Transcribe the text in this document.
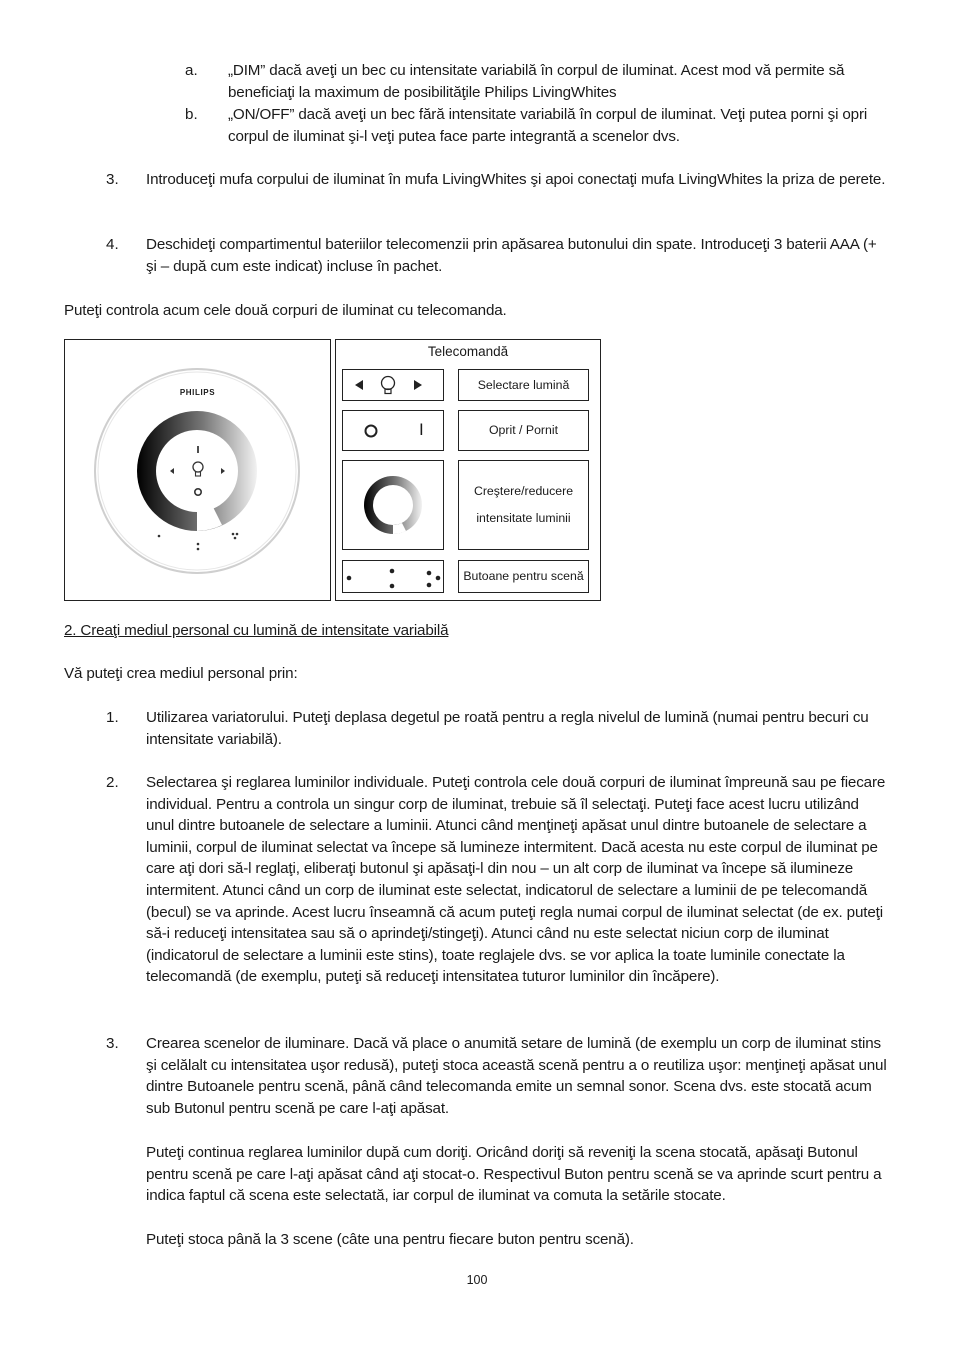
a. „DIM” dacă aveţi un bec cu intensitate variabilă în corpul de iluminat. Acest mod vă permite să beneficiaţi la maximum de posibilităţile Philips LivingWhites
b. „ON/OFF” dacă aveţi un bec fără intensitate variabilă în corpul de iluminat. Veţi putea porni şi opri corpul de iluminat şi-l veţi putea face parte integrantă a scenelor dvs.
3. Introduceţi mufa corpului de iluminat în mufa LivingWhites şi apoi conectaţi mufa LivingWhites la priza de perete.
4. Deschideţi compartimentul bateriilor telecomenzii prin apăsarea butonului din spate. Introduceţi 3 baterii AAA (+ şi – după cum este indicat) incluse în pachet.
Puteţi controla acum cele două corpuri de iluminat cu telecomanda.
PHILIPS
Telecomandă
Selectare lumină
I	Oprit / Pornit
Creştere/reducere
intensitate luminii
Butoane pentru scenă
2. Creaţi mediul personal cu lumină de intensitate variabilă
Vă puteţi crea mediul personal prin:
1. Utilizarea variatorului. Puteţi deplasa degetul pe roată pentru a regla nivelul de lumină (numai pentru becuri cu intensitate variabilă).
2. Selectarea şi reglarea luminilor individuale. Puteţi controla cele două corpuri de iluminat împreună sau pe fiecare individual. Pentru a controla un singur corp de iluminat, trebuie să îl selectaţi. Puteţi face acest lucru utilizând unul dintre butoanele de selectare a luminii. Atunci când menţineţi apăsat unul dintre butoanele de selectare a luminii, corpul de iluminat selectat va începe să lumineze intermitent. Dacă acesta nu este corpul de iluminat pe care aţi dori să-l reglaţi, eliberaţi butonul şi apăsaţi-l din nou – un alt corp de iluminat va începe să ilumineze intermitent. Atunci când un corp de iluminat este selectat, indicatorul de selectare a luminii de pe telecomandă (becul) se va aprinde. Acest lucru înseamnă că acum puteţi regla numai corpul de iluminat selectat (de ex. puteţi să-i reduceţi intensitatea sau să o aprindeţi/stingeţi). Atunci când nu este selectat niciun corp de iluminat (indicatorul de selectare a luminii este stins), toate reglajele dvs. se vor aplica la toate luminile conectate la telecomandă (de exemplu, puteţi să reduceţi intensitatea tuturor luminilor din încăpere).
3. Crearea scenelor de iluminare. Dacă vă place o anumită setare de lumină (de exemplu un corp de iluminat stins şi celălalt cu intensitatea uşor redusă), puteţi stoca această scenă pentru a o reutiliza uşor: menţineţi apăsat unul dintre Butoanele pentru scenă, până când telecomanda emite un semnal sonor. Scena dvs. este stocată acum sub Butonul pentru scenă pe care l-aţi apăsat.
Puteţi continua reglarea luminilor după cum doriţi. Oricând doriţi să reveniţi la scena stocată, apăsaţi Butonul pentru scenă pe care l-aţi apăsat când aţi stocat-o. Respectivul Buton pentru scenă se va aprinde scurt pentru a indica faptul că scena este selectată, iar corpul de iluminat va comuta la setările stocate.
Puteţi stoca până la 3 scene (câte una pentru fiecare buton pentru scenă).
100
